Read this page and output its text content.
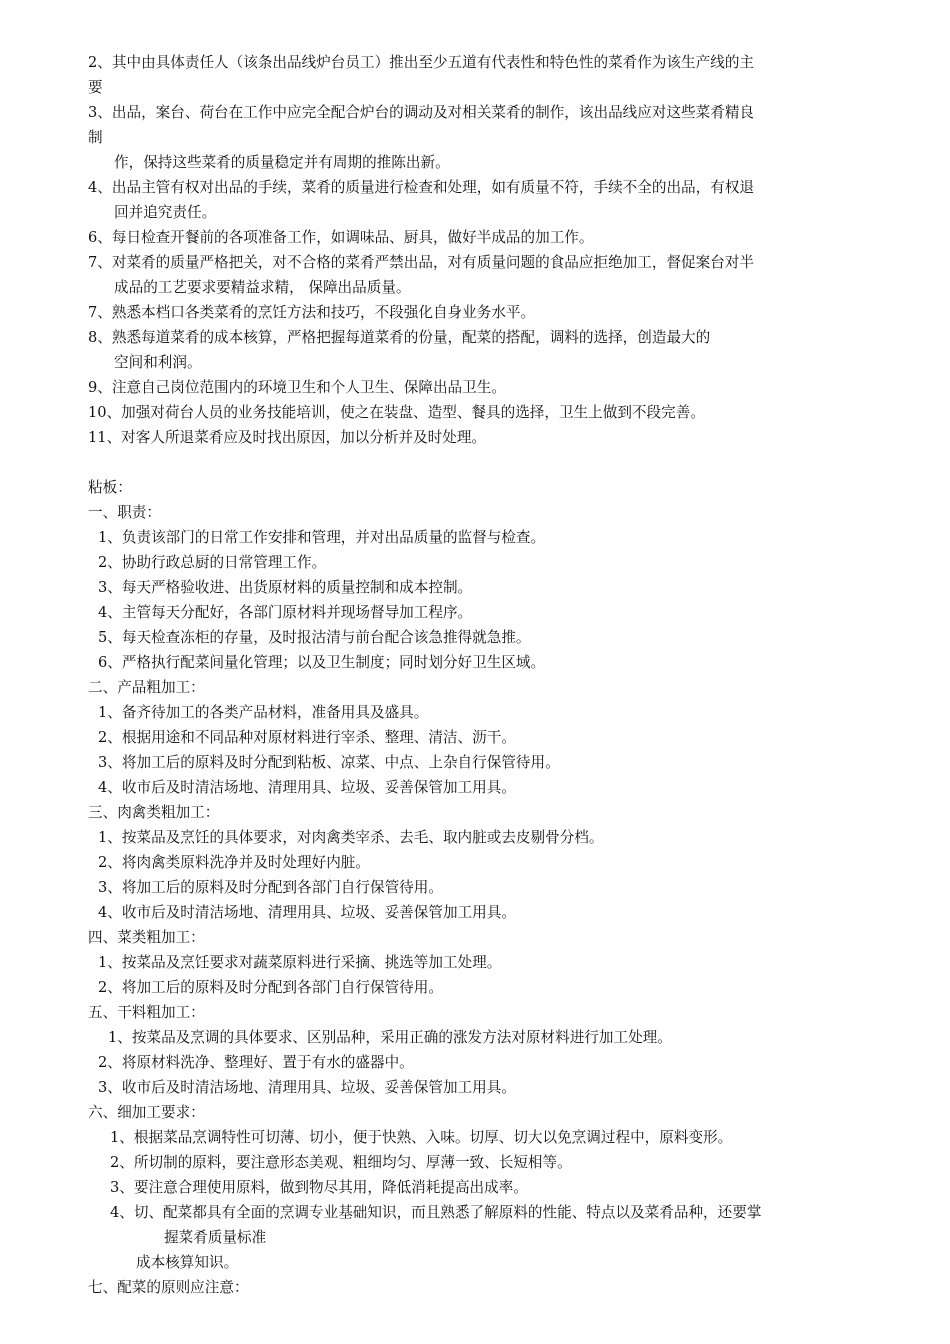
2、其中由具体责任人（该条出品线炉台员工）推出至少五道有代表性和特色性的菜肴作为该生产线的主
要
3、出品，案台、荷台在工作中应完全配合炉台的调动及对相关菜肴的制作，该出品线应对这些菜肴精良
制
作，保持这些菜肴的质量稳定并有周期的推陈出新。
4、出品主管有权对出品的手续，菜肴的质量进行检查和处理，如有质量不符，手续不全的出品，有权退
回并追究责任。
6、每日检查开餐前的各项准备工作，如调味品、厨具，做好半成品的加工作。
7、对菜肴的质量严格把关，对不合格的菜肴严禁出品，对有质量问题的食品应拒绝加工，督促案台对半
成品的工艺要求要精益求精， 保障出品质量。
7、熟悉本档口各类菜肴的烹饪方法和技巧，不段强化自身业务水平。
8、熟悉每道菜肴的成本核算，严格把握每道菜肴的份量，配菜的搭配，调料的选择，创造最大的
空间和利润。
9、注意自己岗位范围内的环境卫生和个人卫生、保障出品卫生。
10、加强对荷台人员的业务技能培训，使之在装盘、造型、餐具的选择，卫生上做到不段完善。
11、对客人所退菜肴应及时找出原因，加以分析并及时处理。
粘板：
一、职责：
1、负责该部门的日常工作安排和管理，并对出品质量的监督与检查。
2、协助行政总厨的日常管理工作。
3、每天严格验收进、出货原材料的质量控制和成本控制。
4、主管每天分配好，各部门原材料并现场督导加工程序。
5、每天检查冻柜的存量，及时报沽清与前台配合该急推得就急推。
6、严格执行配菜间量化管理；以及卫生制度；同时划分好卫生区域。
二、产品粗加工：
1、备齐待加工的各类产品材料，准备用具及盛具。
2、根据用途和不同品种对原材料进行宰杀、整理、清洁、沥干。
3、将加工后的原料及时分配到粘板、凉菜、中点、上杂自行保管待用。
4、收市后及时清洁场地、清理用具、垃圾、妥善保管加工用具。
三、肉禽类粗加工：
1、按菜品及烹饪的具体要求，对肉禽类宰杀、去毛、取内脏或去皮剔骨分档。
2、将肉禽类原料洗净并及时处理好内脏。
3、将加工后的原料及时分配到各部门自行保管待用。
4、收市后及时清洁场地、清理用具、垃圾、妥善保管加工用具。
四、菜类粗加工：
1、按菜品及烹饪要求对蔬菜原料进行采摘、挑选等加工处理。
2、将加工后的原料及时分配到各部门自行保管待用。
五、干料粗加工：
1、按菜品及烹调的具体要求、区别品种，采用正确的涨发方法对原材料进行加工处理。
2、将原材料洗净、整理好、置于有水的盛器中。
3、收市后及时清洁场地、清理用具、垃圾、妥善保管加工用具。
六、细加工要求：
1、根据菜品烹调特性可切薄、切小，便于快熟、入味。切厚、切大以免烹调过程中，原料变形。
2、所切制的原料，要注意形态美观、粗细均匀、厚薄一致、长短相等。
3、要注意合理使用原料，做到物尽其用，降低消耗提高出成率。
4、切、配菜都具有全面的烹调专业基础知识，而且熟悉了解原料的性能、特点以及菜肴品种，还要掌
握菜肴质量标准
成本核算知识。
七、配菜的原则应注意：
